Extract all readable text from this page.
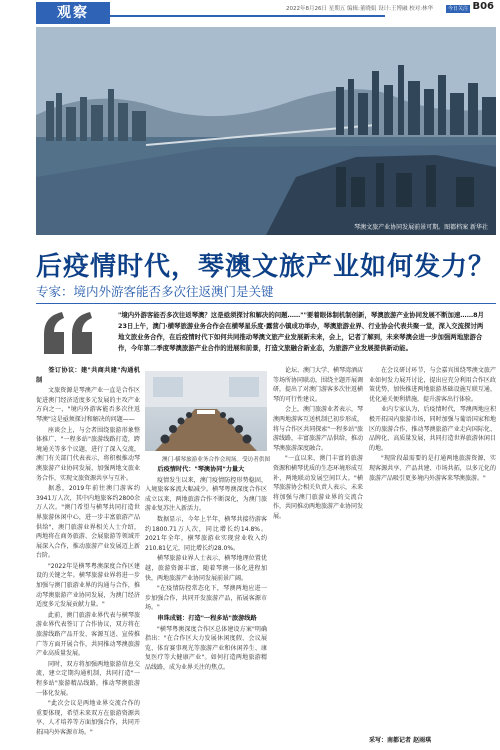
观察	2022年8月26日 星期五 编辑:董晓娟 设计:王博融 校对:林华	今日关注 B06
琴澳文旅产业协同发展前景可期。图都档案 新华社
后疫情时代，琴澳文旅产业如何发力？
专家：境内外游客能否多次往返澳门是关键
"境内外游客能否多次往返琴澳？这是亟须探讨和解决的问题……""要着眼体制机制创新，琴澳旅游产业协同发展不断加速……8月23日上午，澳门·横琴旅游业务合作会在横琴星乐度·露营小镇成功举办，琴澳旅游业界、行业协会代表共聚一堂，深入交流探讨两地文旅业务合作，在后疫情时代下如何共同推动琴澳文旅产业发展新未来，会上，记者了解到，未来琴澳会进一步加强两地旅游合作，今年第二季度琴澳旅游产业合作的进展和前景，打造文旅融合新业态，为旅游产业发展提供新动能。

签订协议：建"共商共建"沟通机制

文旅资源是琴澳产业一直是合作区促进澳门经济适度多元发展的主攻产业方向之一，"境内外游客能否多次往返琴澳"这是亟须探讨和解决的问题——

座谈会上，与会者围绕旅游形象整体推广、"一程多站"旅游线路打造，跨境通关等多个议题，进行了深入交流，澳门有关部门代表表示，将积极推动琴澳旅游产业协同发展，加强两地文旅业务合作，实现文旅资源共享与互补。

据悉，2019年前往澳门游客约3941万人次，其中内地旅客约2800余万人次。"澳门希望与横琴共同打造世界旅游休闲中心，进一步丰富旅游产品供给"，澳门旅游业界相关人士介绍，两地将在商务旅游、会展旅游等领域开展深入合作，推动旅游产业发展迈上新台阶。

"2022年是横琴粤澳深度合作区建设的关键之年。横琴旅游业界将进一步加强与澳门旅游业界的沟通与合作，推动琴澳旅游产业协同发展，为澳门经济适度多元发展贡献力量。"

此前，澳门旅游业界代表与横琴旅游业界代表签订了合作协议，双方将在旅游线路产品开发、客源互送、宣传推广等方面开展合作，共同推动琴澳旅游产业高质量发展。

同时，双方将加强两地旅游信息交流，建立定期沟通机制，共同打造"一程多站"旅游精品线路，推动琴澳旅游一体化发展。

"此次会议是两地业界交流合作的重要体现，希望未来双方在旅游资源共享、人才培养等方面加强合作，共同开拓国内外客源市场。"

澳门·横琴旅游业务合作会现场。受访者供图

后疫情时代："琴澳协同"力量大

疫情发生以来，澳门疫情防控形势稳固，入境旅客客流大幅减少。横琴粤澳深度合作区成立以来，两地旅游合作不断深化，为澳门旅游业复苏注入新活力。

数据显示，今年上半年，横琴共接待游客约1800.71万人次，同比增长约14.8%。2021年全年，横琴旅游业实现营业收入约210.81亿元，同比增长约28.0%。

横琴旅游业界人士表示，横琴地理位置优越，旅游资源丰富，随着琴澳一体化进程加快，两地旅游产业协同发展前景广阔。

"在疫情防控常态化下，琴澳两地应进一步加强合作，共同开发旅游产品，拓展客源市场。"

串珠成链：打造"一程多站"旅游线路

"横琴粤澳深度合作区总体建设方案"明确指出："在合作区大力发展休闲度假、会议展览、体育赛事观光等旅游产业和休闲养生、康复医疗等大健康产业"。如何打造两地旅游精品线路，成为业界关注的焦点。

论坛、澳门大学、横琴湾酒店等场所协同联动，围绕主题开展调研，提出了对澳门游客多次往返横琴的可行性建议。

会上，澳门旅游业者表示，琴澳两地游客互送机制已初步形成，将与合作区共同探索"一程多站"旅游线路，丰富旅游产品供给，推动琴澳旅游深度融合。

"一直以来，澳门丰富的旅游资源和横琴优质的生态环境形成互补，两地联动发展空间巨大。"横琴旅游协会相关负责人表示，未来将加强与澳门旅游业界的交流合作，共同推动两地旅游产业协同发展。

在会议研讨环节，与会嘉宾围绕琴澳文旅产业如何发力展开讨论，提出应充分利用合作区政策优势，加快推进两地旅游基础设施互联互通，优化通关便利措施，提升游客出行体验。

业内专家认为，后疫情时代，琴澳两地应积极开拓国内旅游市场，同时加强与葡语国家和地区的旅游合作，推动琴澳旅游产业走向国际化、品牌化、高质量发展，共同打造世界旅游休闲目的地。

"现阶段最需要的是打通两地旅游资源，实现客源共享、产品共建、市场共拓，以多元化的旅游产品吸引更多境内外游客来琴澳旅游。"

采写：南都记者 赵雨琪
